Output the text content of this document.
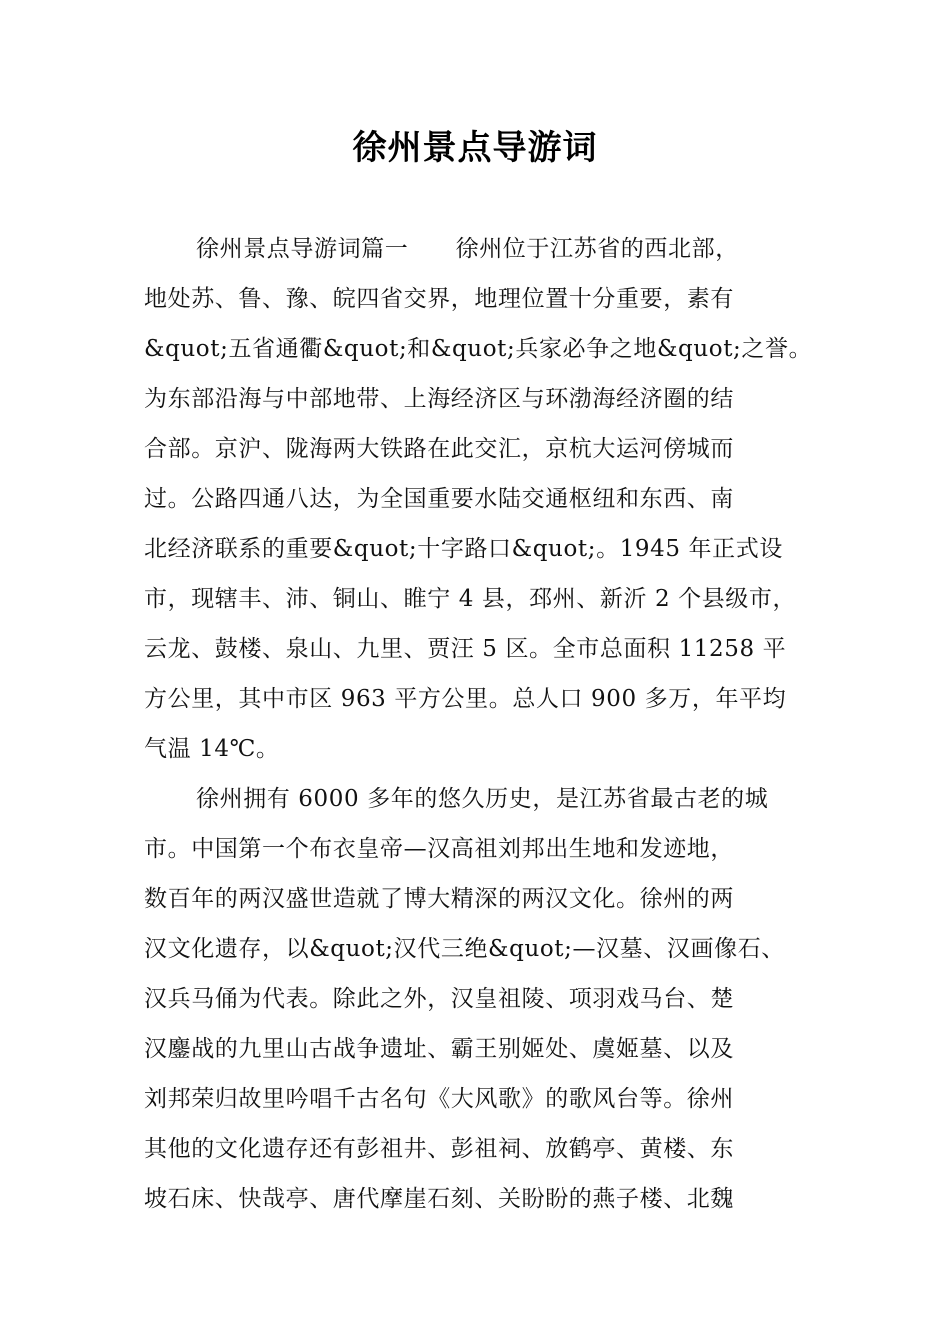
徐州景点导游词
徐州景点导游词篇一　　徐州位于江苏省的西北部，
地处苏、鲁、豫、皖四省交界，地理位置十分重要，素有
&quot;五省通衢&quot;和&quot;兵家必争之地&quot;之誉。
为东部沿海与中部地带、上海经济区与环渤海经济圈的结
合部。京沪、陇海两大铁路在此交汇，京杭大运河傍城而
过。公路四通八达，为全国重要水陆交通枢纽和东西、南
北经济联系的重要&quot;十字路口&quot;。1945 年正式设
市，现辖丰、沛、铜山、睢宁 4 县，邳州、新沂 2 个县级市，
云龙、鼓楼、泉山、九里、贾汪 5 区。全市总面积 11258 平
方公里，其中市区 963 平方公里。总人口 900 多万，年平均
气温 14℃。
徐州拥有 6000 多年的悠久历史，是江苏省最古老的城
市。中国第一个布衣皇帝—汉高祖刘邦出生地和发迹地，
数百年的两汉盛世造就了博大精深的两汉文化。徐州的两
汉文化遗存，以&quot;汉代三绝&quot;—汉墓、汉画像石、
汉兵马俑为代表。除此之外，汉皇祖陵、项羽戏马台、楚
汉鏖战的九里山古战争遗址、霸王别姬处、虞姬墓、以及
刘邦荣归故里吟唱千古名句《大风歌》的歌风台等。徐州
其他的文化遗存还有彭祖井、彭祖祠、放鹤亭、黄楼、东
坡石床、快哉亭、唐代摩崖石刻、关盼盼的燕子楼、北魏
